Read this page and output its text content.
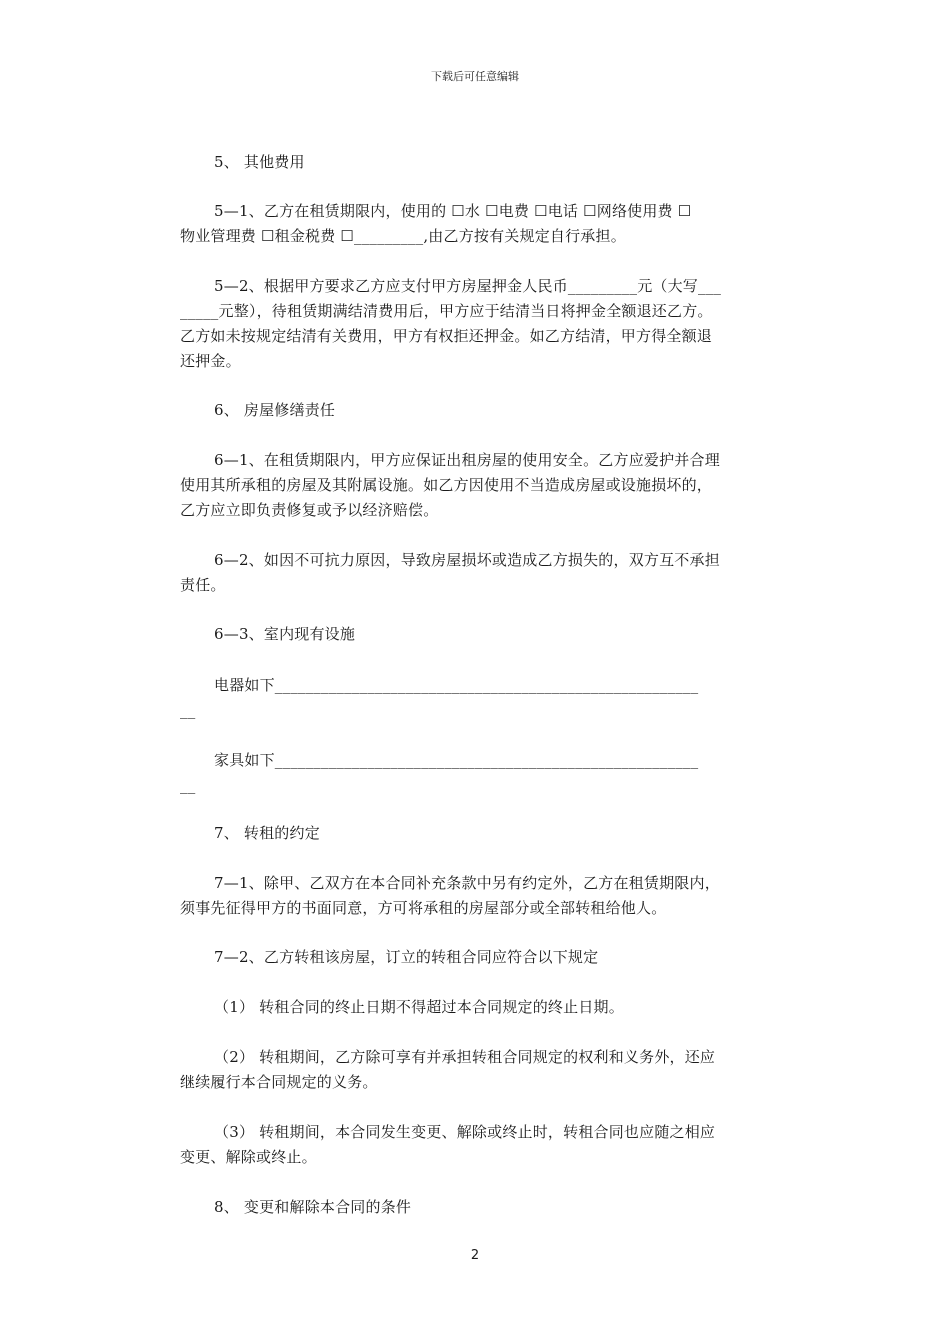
下载后可任意编辑
5、 其他费用
5—1、乙方在租赁期限内，使用的 ☐水 ☐电费 ☐电话 ☐网络使用费 ☐
物业管理费 ☐租金税费 ☐_________,由乙方按有关规定自行承担。
5—2、根据甲方要求乙方应支付甲方房屋押金人民币_________元（大写___
_____元整），待租赁期满结清费用后，甲方应于结清当日将押金全额退还乙方。
乙方如未按规定结清有关费用，甲方有权拒还押金。如乙方结清，甲方得全额退
还押金。
6、 房屋修缮责任
6—1、在租赁期限内，甲方应保证出租房屋的使用安全。乙方应爱护并合理
使用其所承租的房屋及其附属设施。如乙方因使用不当造成房屋或设施损坏的，
乙方应立即负责修复或予以经济赔偿。
6—2、如因不可抗力原因，导致房屋损坏或造成乙方损失的，双方互不承担
责任。
6—3、室内现有设施
电器如下_______________________________________________________
__
家具如下_______________________________________________________
__
7、 转租的约定
7—1、除甲、乙双方在本合同补充条款中另有约定外，乙方在租赁期限内，
须事先征得甲方的书面同意，方可将承租的房屋部分或全部转租给他人。
7—2、乙方转租该房屋，订立的转租合同应符合以下规定
（1） 转租合同的终止日期不得超过本合同规定的终止日期。
（2） 转租期间，乙方除可享有并承担转租合同规定的权利和义务外，还应
继续履行本合同规定的义务。
（3） 转租期间，本合同发生变更、解除或终止时，转租合同也应随之相应
变更、解除或终止。
8、 变更和解除本合同的条件
2
